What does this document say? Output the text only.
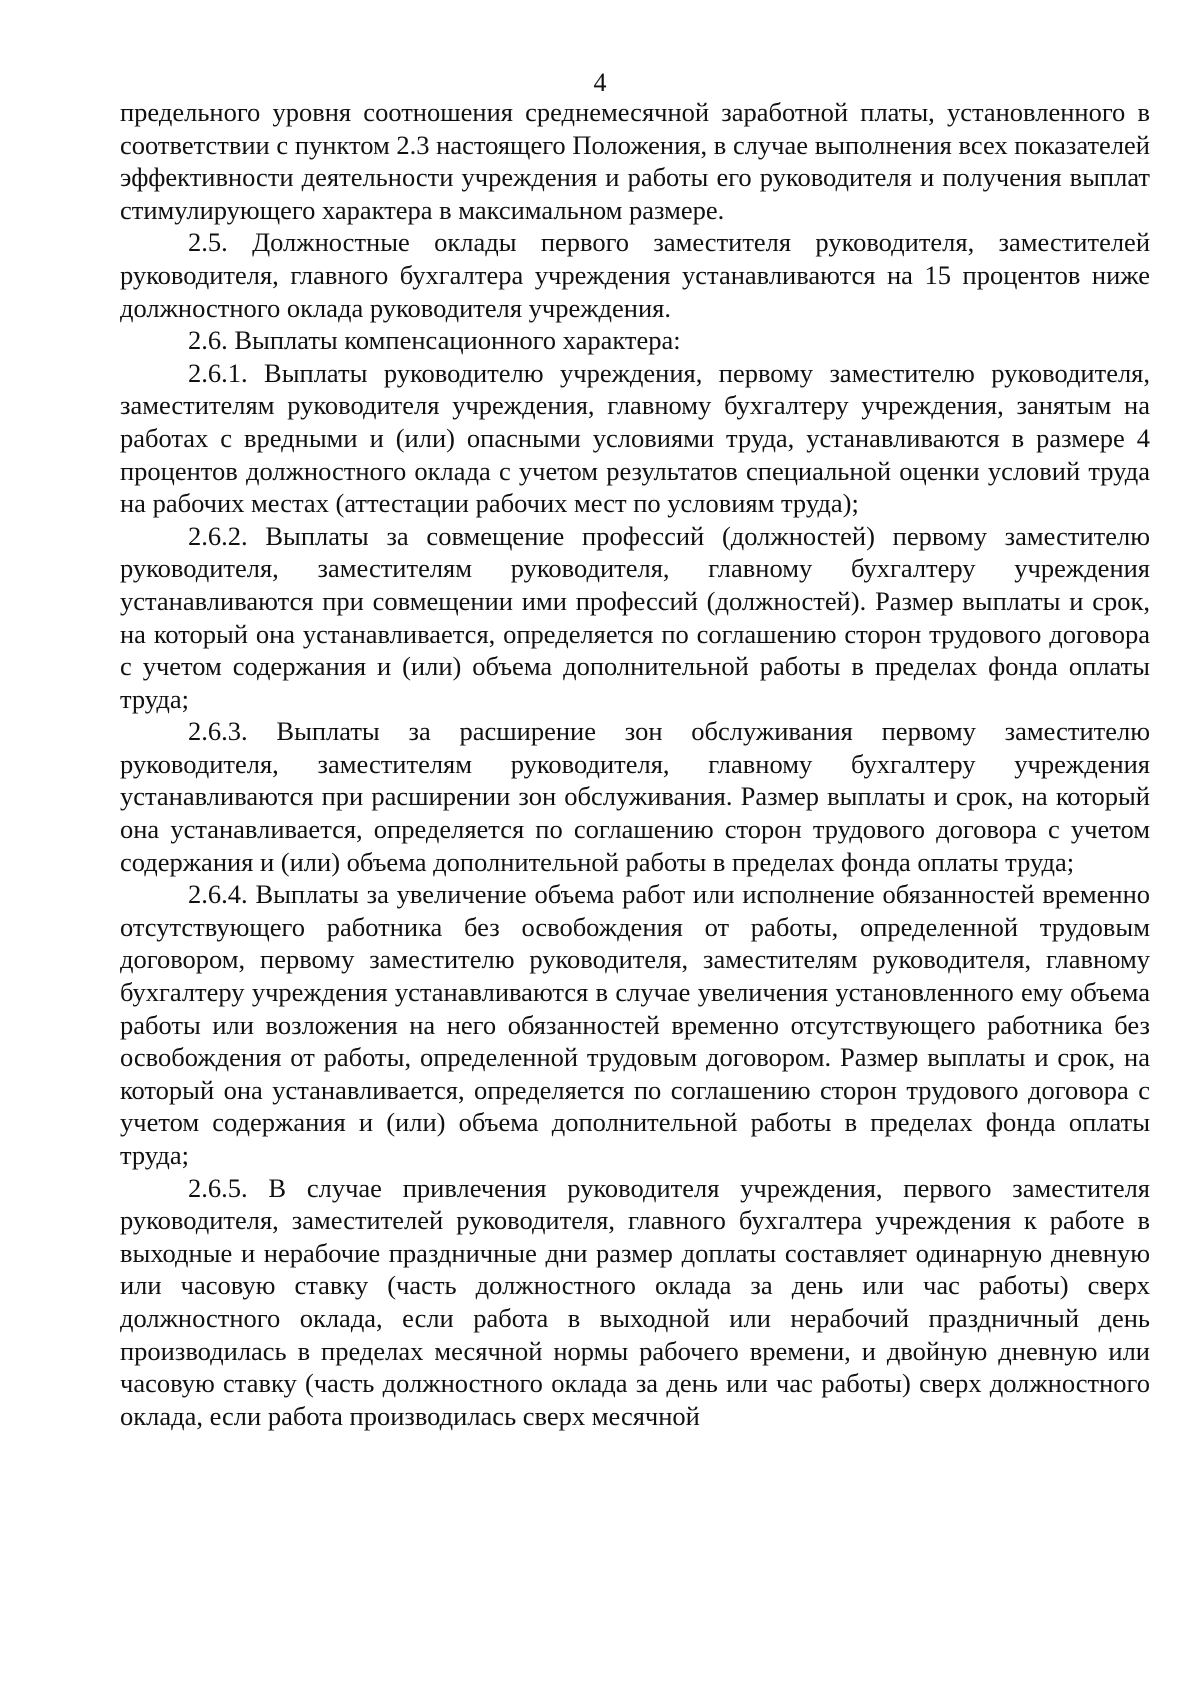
4

предельного уровня соотношения среднемесячной заработной платы, установленного в соответствии с пунктом 2.3 настоящего Положения, в случае выполнения всех показателей эффективности деятельности учреждения и работы его руководителя и получения выплат стимулирующего характера в максимальном размере.

2.5. Должностные оклады первого заместителя руководителя, заместителей руководителя, главного бухгалтера учреждения устанавливаются на 15 процентов ниже должностного оклада руководителя учреждения.

2.6. Выплаты компенсационного характера:

2.6.1. Выплаты руководителю учреждения, первому заместителю руководителя, заместителям руководителя учреждения, главному бухгалтеру учреждения, занятым на работах с вредными и (или) опасными условиями труда, устанавливаются в размере 4 процентов должностного оклада с учетом результатов специальной оценки условий труда на рабочих местах (аттестации рабочих мест по условиям труда);

2.6.2. Выплаты за совмещение профессий (должностей) первому заместителю руководителя, заместителям руководителя, главному бухгалтеру учреждения устанавливаются при совмещении ими профессий (должностей). Размер выплаты и срок, на который она устанавливается, определяется по соглашению сторон трудового договора с учетом содержания и (или) объема дополнительной работы в пределах фонда оплаты труда;

2.6.3. Выплаты за расширение зон обслуживания первому заместителю руководителя, заместителям руководителя, главному бухгалтеру учреждения устанавливаются при расширении зон обслуживания. Размер выплаты и срок, на который она устанавливается, определяется по соглашению сторон трудового договора с учетом содержания и (или) объема дополнительной работы в пределах фонда оплаты труда;

2.6.4. Выплаты за увеличение объема работ или исполнение обязанностей временно отсутствующего работника без освобождения от работы, определенной трудовым договором, первому заместителю руководителя, заместителям руководителя, главному бухгалтеру учреждения устанавливаются в случае увеличения установленного ему объема работы или возложения на него обязанностей временно отсутствующего работника без освобождения от работы, определенной трудовым договором. Размер выплаты и срок, на который она устанавливается, определяется по соглашению сторон трудового договора с учетом содержания и (или) объема дополнительной работы в пределах фонда оплаты труда;

2.6.5. В случае привлечения руководителя учреждения, первого заместителя руководителя, заместителей руководителя, главного бухгалтера учреждения к работе в выходные и нерабочие праздничные дни размер доплаты составляет одинарную дневную или часовую ставку (часть должностного оклада за день или час работы) сверх должностного оклада, если работа в выходной или нерабочий праздничный день производилась в пределах месячной нормы рабочего времени, и двойную дневную или часовую ставку (часть должностного оклада за день или час работы) сверх должностного оклада, если работа производилась сверх месячной
